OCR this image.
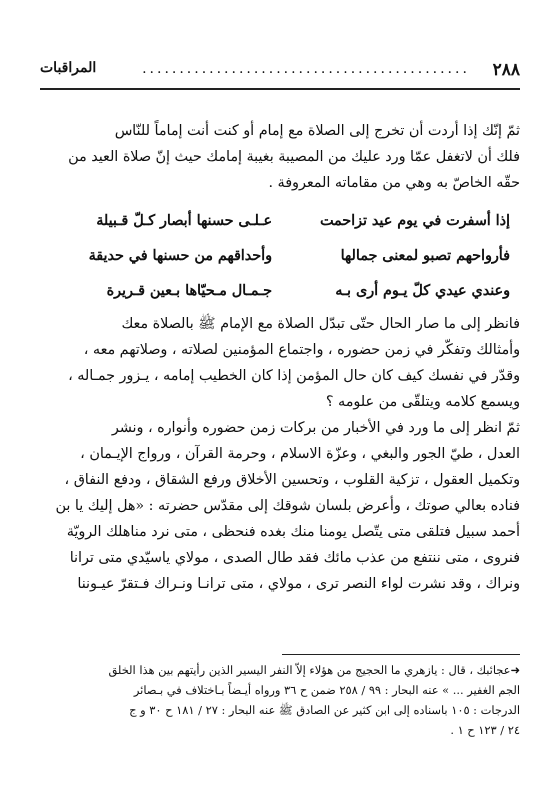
٢٨٨
............................................
المراقبات
ثمّ إنّك إذا أردت أن تخرج إلى الصلاة مع إمام أو كنت أنت إماماً للنّاس
فلك أن لاتغفل عمّا ورد عليك من المصيبة بغيبة إمامك حيث إنّ صلاة العيد من
حقّه الخاصّ به وهي من مقاماته المعروفة .
إذا أسفرت في يوم عيد تزاحمت
عـلـى حسنها أبصار كـلّ قـبيلة
فأرواحهم تصبو لمعنى جمالها
وأحداقهم من حسنها في حديقة
وعندي عيدي كلّ يـوم أرى بـه
جـمـال مـحيّاها بـعين قـريرة
فانظر إلى ما صار الحال حتّى تبدّل الصلاة مع الإمام ﷺ بالصلاة معك
وأمثالك وتفكّر في زمن حضوره ، واجتماع المؤمنين لصلاته ، وصلاتهم معه ،
وقدّر في نفسك كيف كان حال المؤمن إذا كان الخطيب إمامه ، يـزور جمـاله ،
ويسمع كلامه ويتلقّى من علومه ؟
ثمّ انظر إلى ما ورد في الأخبار من بركات زمن حضوره وأنواره ، ونشر
العدل ، طيّ الجور والبغي ، وعزّة الاسلام ، وحرمة القرآن ، ورواج الإيـمان ،
وتكميل العقول ، تزكية القلوب ، وتحسين الأخلاق ورفع الشقاق ، ودفع النفاق ،
فناده بعالي صوتك ، وأعرض بلسان شوقك إلى مقدّس حضرته : «هل إليك يا بن
أحمد سبيل فتلقى متى يتّصل يومنا منك بغده فنحظى ، متى نرد مناهلك الرويّة
فنروى ، متى ننتفع من عذب مائك فقد طال الصدى ، مولاي ياسيّدي متى ترانا
ونراك ، وقد نشرت لواء النصر ترى ، مولاي ، متى ترانـا ونـراك فـتقرّ عيـوننا
➜عجائبك ، قال : يازهري ما الحجيج من هؤلاء إلاّ النفر اليسير الذين رأيتهم بين هذا الخلق
الجم الغفير ... » عنه البحار : ٩٩ / ٢٥٨ ضمن ح ٣٦ ورواه أيـضاً بـاختلاف في بـصائر
الدرجات : ١٠٥ باسناده إلى ابن كثير عن الصادق ﷺ عنه البحار : ٢٧ / ١٨١ ح ٣٠ و ج
٢٤ / ١٢٣ ح ١ .
